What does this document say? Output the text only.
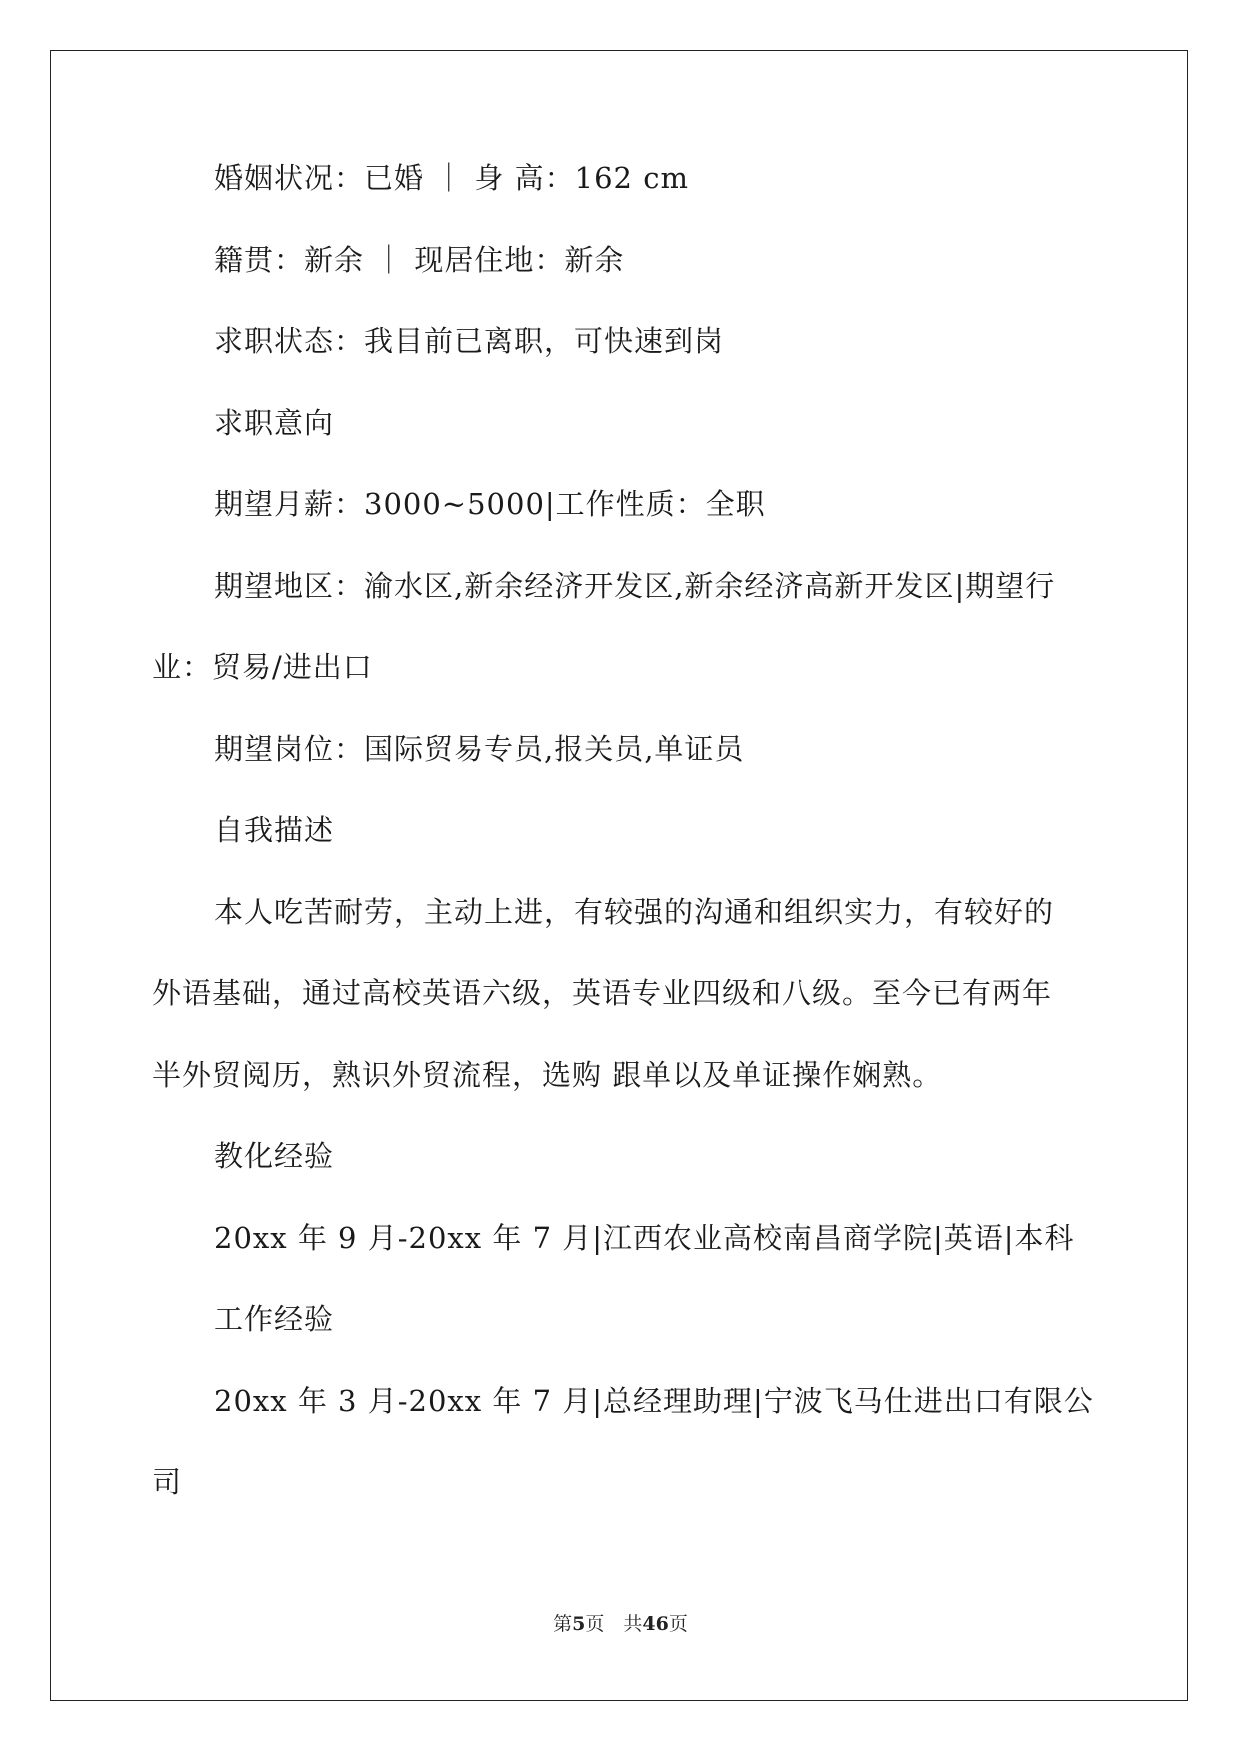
婚姻状况：已婚 ｜ 身 高：162 cm
籍贯：新余 ｜ 现居住地：新余
求职状态：我目前已离职，可快速到岗
求职意向
期望月薪：3000~5000|工作性质：全职
期望地区：渝水区,新余经济开发区,新余经济高新开发区|期望行
业：贸易/进出口
期望岗位：国际贸易专员,报关员,单证员
自我描述
本人吃苦耐劳，主动上进，有较强的沟通和组织实力，有较好的
外语基础，通过高校英语六级，英语专业四级和八级。至今已有两年
半外贸阅历，熟识外贸流程，选购 跟单以及单证操作娴熟。
教化经验
20xx 年 9 月-20xx 年 7 月|江西农业高校南昌商学院|英语|本科
工作经验
20xx 年 3 月-20xx 年 7 月|总经理助理|宁波飞马仕进出口有限公
司
第5页　共46页
